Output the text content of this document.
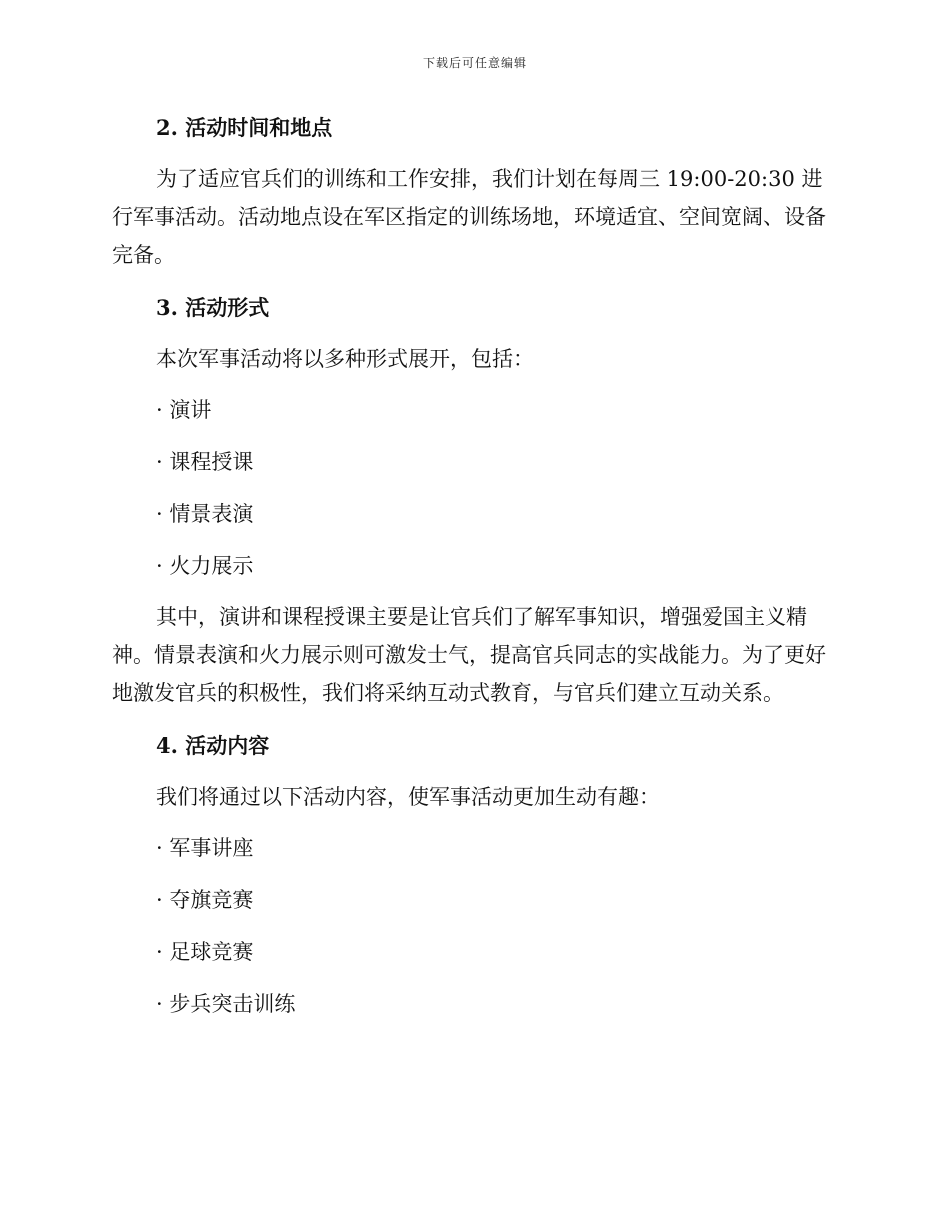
下载后可任意编辑

2. 活动时间和地点

为了适应官兵们的训练和工作安排，我们计划在每周三 19:00-20:30 进行军事活动。活动地点设在军区指定的训练场地，环境适宜、空间宽阔、设备完备。

3. 活动形式

本次军事活动将以多种形式展开，包括：

· 演讲

· 课程授课

· 情景表演

· 火力展示

其中，演讲和课程授课主要是让官兵们了解军事知识，增强爱国主义精神。情景表演和火力展示则可激发士气，提高官兵同志的实战能力。为了更好地激发官兵的积极性，我们将采纳互动式教育，与官兵们建立互动关系。

4. 活动内容

我们将通过以下活动内容，使军事活动更加生动有趣：

· 军事讲座

· 夺旗竞赛

· 足球竞赛

· 步兵突击训练
